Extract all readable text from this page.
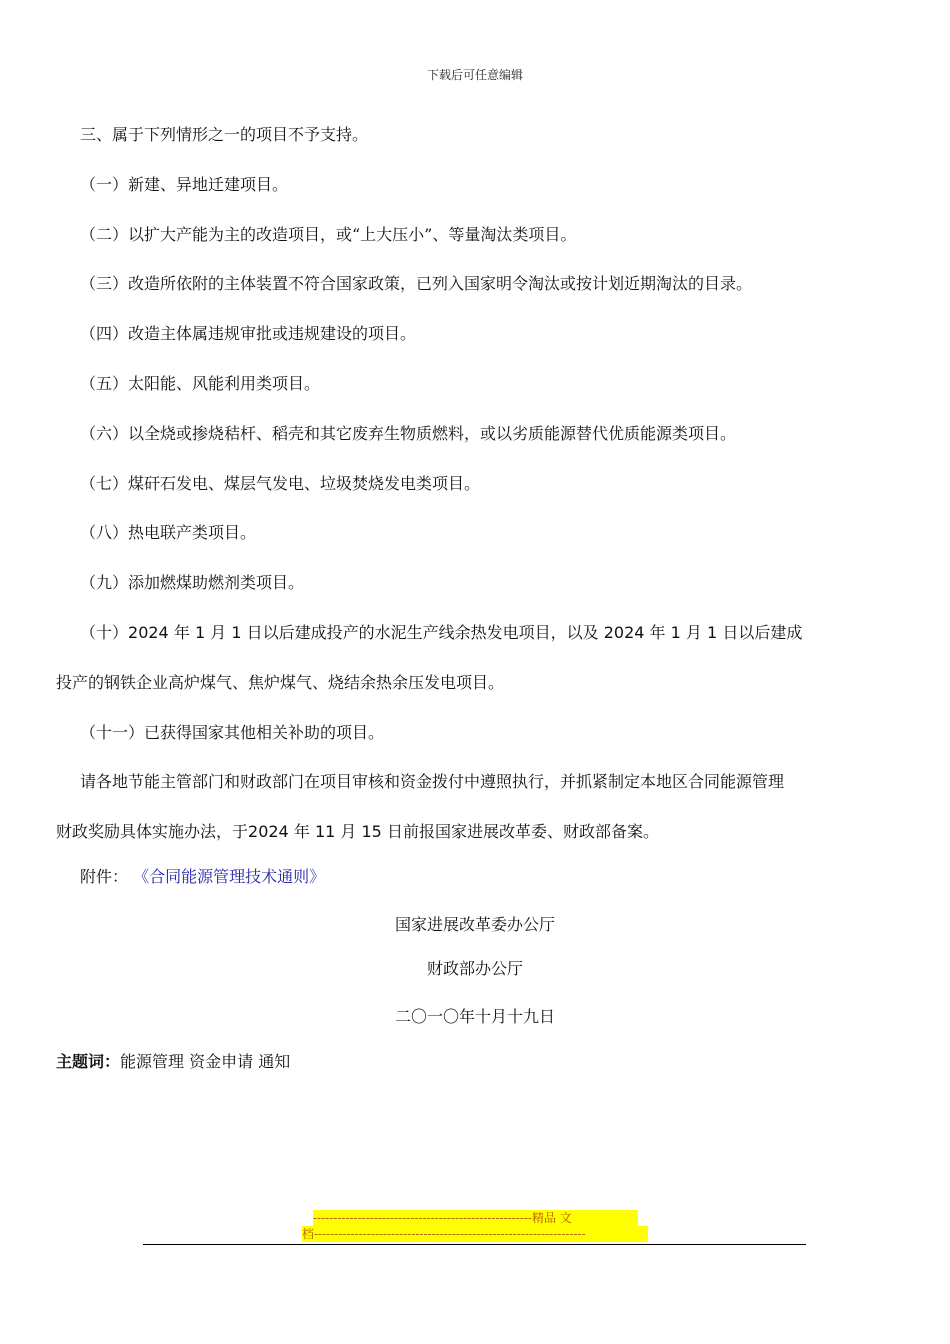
下载后可任意编辑
三、属于下列情形之一的项目不予支持。
（一）新建、异地迁建项目。
（二）以扩大产能为主的改造项目，或“上大压小”、等量淘汰类项目。
（三）改造所依附的主体装置不符合国家政策，已列入国家明令淘汰或按计划近期淘汰的目录。
（四）改造主体属违规审批或违规建设的项目。
（五）太阳能、风能利用类项目。
（六）以全烧或掺烧秸杆、稻壳和其它废弃生物质燃料，或以劣质能源替代优质能源类项目。
（七）煤矸石发电、煤层气发电、垃圾焚烧发电类项目。
（八）热电联产类项目。
（九）添加燃煤助燃剂类项目。
（十）2024 年 1 月 1 日以后建成投产的水泥生产线余热发电项目，以及 2024 年 1 月 1 日以后建成
投产的钢铁企业高炉煤气、焦炉煤气、烧结余热余压发电项目。
（十一）已获得国家其他相关补助的项目。
请各地节能主管部门和财政部门在项目审核和资金拨付中遵照执行，并抓紧制定本地区合同能源管理
财政奖励具体实施办法，于2024 年 11 月 15 日前报国家进展改革委、财政部备案。
附件： 《合同能源管理技术通则》
国家进展改革委办公厅
财政部办公厅
二〇一〇年十月十九日
主题词：能源管理 资金申请 通知
------------------------------------------------------精品 文
档-------------------------------------------------------------------
